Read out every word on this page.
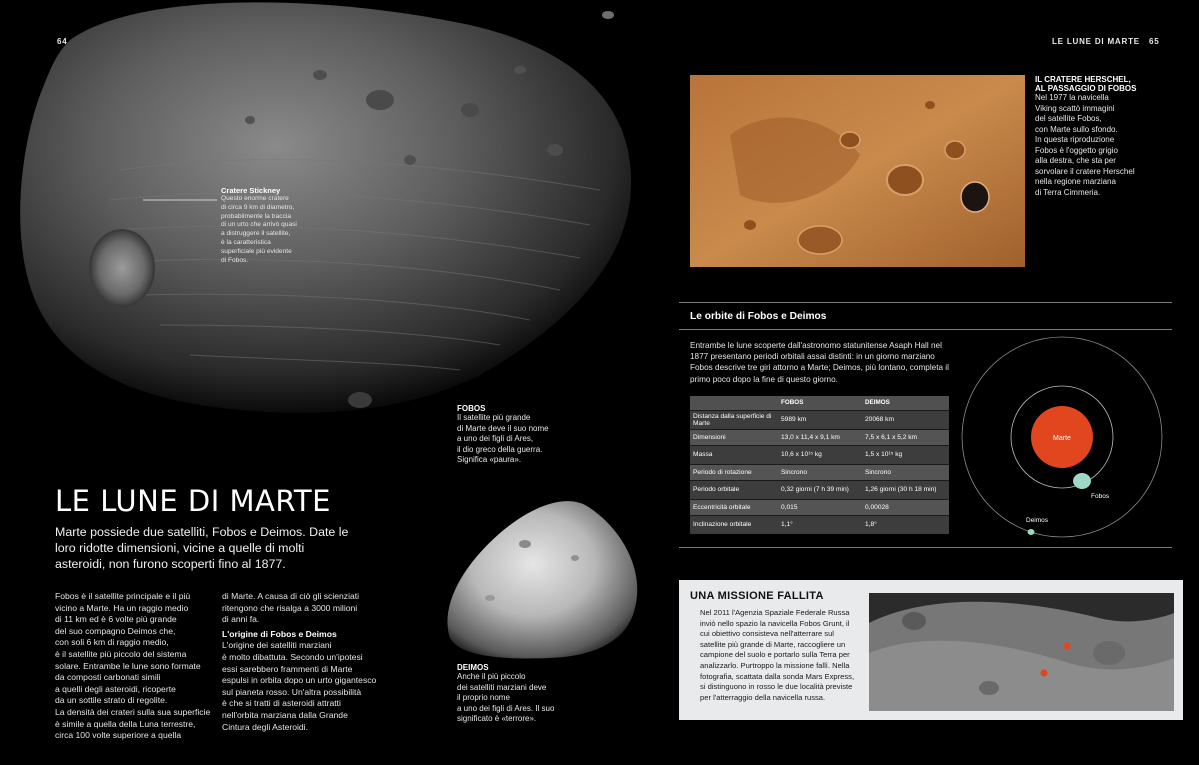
64	LE LUNE DI MARTE 65
Cratere Stickney
Questo enorme cratere
di circa 9 km di diametro,
probabilmente la traccia
di un urto che arrivò quasi
a distruggere il satellite,
è la caratteristica
superficiale più evidente
di Fobos.
FOBOS
Il satellite più grande
di Marte deve il suo nome
a uno dei figli di Ares,
il dio greco della guerra.
Significa «paura».
DEIMOS
Anche il più piccolo
dei satelliti marziani deve
il proprio nome
a uno dei figli di Ares. Il suo
significato è «terrore».
LE LUNE DI MARTE
Marte possiede due satelliti, Fobos e Deimos. Date le loro ridotte dimensioni, vicine a quelle di molti asteroidi, non furono scoperti fino al 1877.
Fobos è il satellite principale e il più
vicino a Marte. Ha un raggio medio
di 11 km ed è 6 volte più grande
del suo compagno Deimos che,
con soli 6 km di raggio medio,
è il satellite più piccolo del sistema
solare. Entrambe le lune sono formate
da composti carbonati simili
a quelli degli asteroidi, ricoperte
da un sottile strato di regolite.
La densità dei crateri sulla sua superficie
è simile a quella della Luna terrestre,
circa 100 volte superiore a quella
di Marte. A causa di ciò gli scienziati
ritengono che risalga a 3000 milioni
di anni fa.
L'origine di Fobos e Deimos
L'origine dei satelliti marziani
è molto dibattuta. Secondo un'ipotesi
essi sarebbero frammenti di Marte
espulsi in orbita dopo un urto gigantesco
sul pianeta rosso. Un'altra possibilità
è che si tratti di asteroidi attratti
nell'orbita marziana dalla Grande
Cintura degli Asteroidi.
IL CRATERE HERSCHEL,
AL PASSAGGIO DI FOBOS
Nel 1977 la navicella
Viking scattò immagini
del satellite Fobos,
con Marte sullo sfondo.
In questa riproduzione
Fobos è l'oggetto grigio
alla destra, che sta per
sorvolare il cratere Herschel
nella regione marziana
di Terra Cimmeria.
Le orbite di Fobos e Deimos
Entrambe le lune scoperte dall'astronomo statunitense Asaph Hall nel 1877 presentano periodi orbitali assai distinti: in un giorno marziano Fobos descrive tre giri attorno a Marte; Deimos, più lontano, completa il primo poco dopo la fine di questo giorno.
	FOBOS	DEIMOS
Distanza dalla superficie di Marte	5989 km	20068 km
Dimensioni	13,0 x 11,4 x 9,1 km	7,5 x 6,1 x 5,2 km
Massa	10,6 x 10¹⁵ kg	1,5 x 10¹⁵ kg
Periodo di rotazione	Sincrono	Sincrono
Periodo orbitale	0,32 giorni (7 h 39 min)	1,26 giorni (30 h 18 min)
Eccentricità orbitale	0,015	0,00028
Inclinazione orbitale	1,1°	1,8°
Marte
Fobos
Deimos
UNA MISSIONE FALLITA
Nel 2011 l'Agenzia Spaziale Federale Russa inviò nello spazio la navicella Fobos Grunt, il cui obiettivo consisteva nell'atterrare sul satellite più grande di Marte, raccogliere un campione del suolo e portarlo sulla Terra per analizzarlo. Purtroppo la missione fallì. Nella fotografia, scattata dalla sonda Mars Express, si distinguono in rosso le due località previste per l'atterraggio della navicella russa.
